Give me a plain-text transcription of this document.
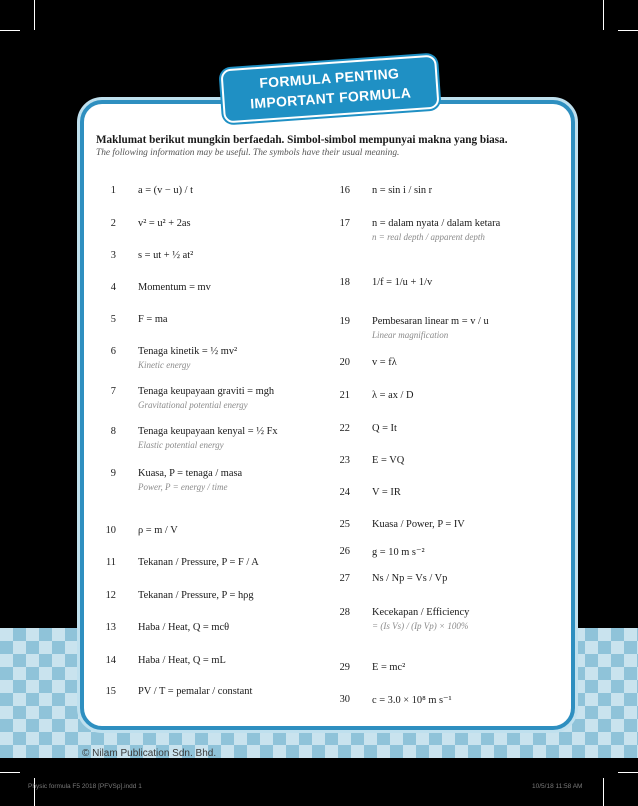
FORMULA PENTING
IMPORTANT FORMULA
Maklumat berikut mungkin berfaedah. Simbol-simbol mempunyai makna yang biasa.
The following information may be useful. The symbols have their usual meaning.
1 a = (v − u) / t
2 v² = u² + 2as
3 s = ut + ½ at²
4 Momentum = mv
5 F = ma
6 Tenaga kinetik = ½ mv²
Kinetic energy
7 Tenaga keupayaan graviti = mgh
Gravitational potential energy
8 Tenaga keupayaan kenyal = ½ Fx
Elastic potential energy
9 Kuasa, P = tenaga / masa
Power, P = energy / time
10 ρ = m / V
11 Tekanan / Pressure, P = F / A
12 Tekanan / Pressure, P = hρg
13 Haba / Heat, Q = mcθ
14 Haba / Heat, Q = mL
15 PV / T = pemalar / constant
16 n = sin i / sin r
17 n = dalam nyata / dalam ketara
n = real depth / apparent depth
18 1/f = 1/u + 1/v
19 Pembesaran linear m = v / u
Linear magnification
20 v = fλ
21 λ = ax / D
22 Q = It
23 E = VQ
24 V = IR
25 Kuasa / Power, P = IV
26 g = 10 m s⁻²
27 Ns / Np = Vs / Vp
28 Kecekapan / Efficiency
= (Is Vs) / (Ip Vp) × 100%
29 E = mc²
30 c = 3.0 × 10⁸ m s⁻¹
© Nilam Publication Sdn. Bhd.
Physic formula F5 2018 [PFVSp].indd 1	10/5/18 11:58 AM
